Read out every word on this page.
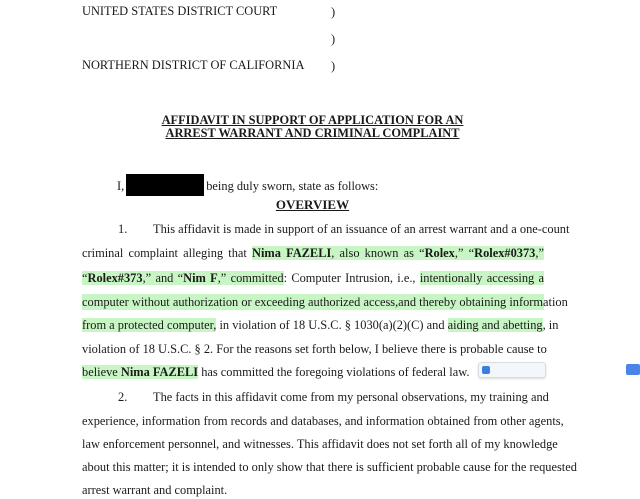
UNITED STATES DISTRICT COURT	)
)
NORTHERN DISTRICT OF CALIFORNIA )
AFFIDAVIT IN SUPPORT OF APPLICATION FOR AN
ARREST WARRANT AND CRIMINAL COMPLAINT
I,	being duly sworn, state as follows:
OVERVIEW
1. This affidavit is made in support of an issuance of an arrest warrant and a one-count
criminal complaint alleging that Nima FAZELI, also known as “Rolex,” “Rolex#0373,”
“Rolex#373,” and “Nim F,” committed: Computer Intrusion, i.e., intentionally accessing a
computer without authorization or exceeding authorized access,and thereby obtaining information
from a protected computer, in violation of 18 U.S.C. § 1030(a)(2)(C) and aiding and abetting, in
violation of 18 U.S.C. § 2. For the reasons set forth below, I believe there is probable cause to
believe Nima FAZELI has committed the foregoing violations of federal law.
2. The facts in this affidavit come from my personal observations, my training and
experience, information from records and databases, and information obtained from other agents,
law enforcement personnel, and witnesses. This affidavit does not set forth all of my knowledge
about this matter; it is intended to only show that there is sufficient probable cause for the requested
arrest warrant and complaint.
